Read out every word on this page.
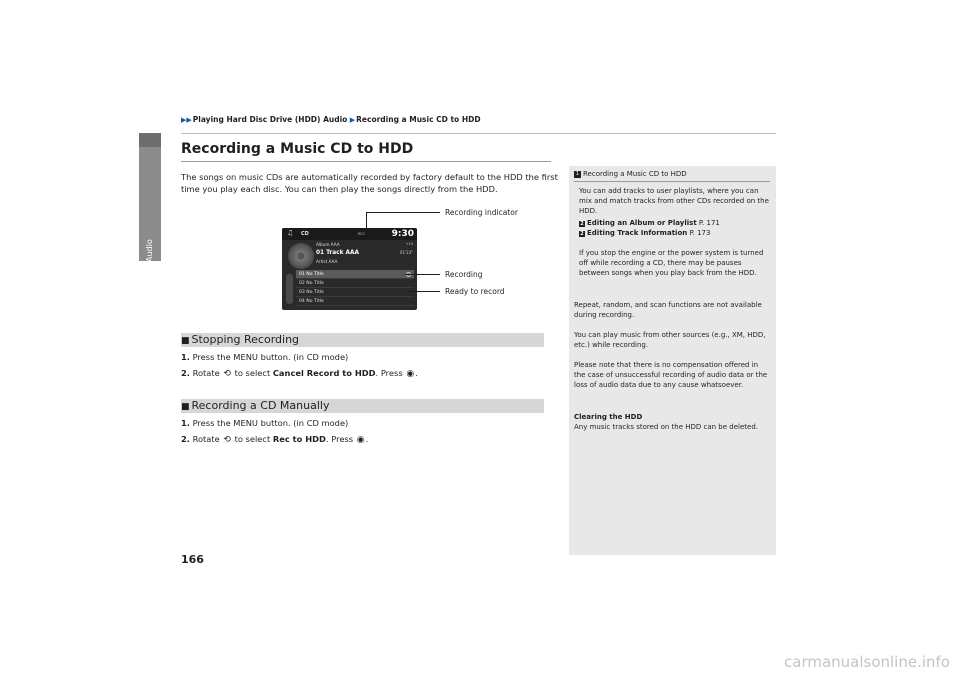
Audio
▶▶Playing Hard Disc Drive (HDD) Audio ▶Recording a Music CD to HDD
Recording a Music CD to HDD
The songs on music CDs are automatically recorded by factory default to the HDD the first time you play each disc. You can then play the songs directly from the HDD.
♫ CD	REC	9:30
Album AAA	+15
01 Track AAA	01'23"
Artist AAA
01 No Title
02 No Title
03 No Title
04 No Title
Recording indicator
Recording
Ready to record
■ Stopping Recording
1. Press the MENU button. (in CD mode)
2. Rotate ⟲ to select Cancel Record to HDD. Press ◉.
■ Recording a CD Manually
1. Press the MENU button. (in CD mode)
2. Rotate ⟲ to select Rec to HDD. Press ◉.
1 Recording a Music CD to HDD
You can add tracks to user playlists, where you can mix and match tracks from other CDs recorded on the HDD.
2 Editing an Album or Playlist P. 171
2 Editing Track Information P. 173
If you stop the engine or the power system is turned off while recording a CD, there may be pauses between songs when you play back from the HDD.
Repeat, random, and scan functions are not available during recording.
You can play music from other sources (e.g., XM, HDD, etc.) while recording.
Please note that there is no compensation offered in the case of unsuccessful recording of audio data or the loss of audio data due to any cause whatsoever.
Clearing the HDD
Any music tracks stored on the HDD can be deleted.
166
carmanualsonline.info
